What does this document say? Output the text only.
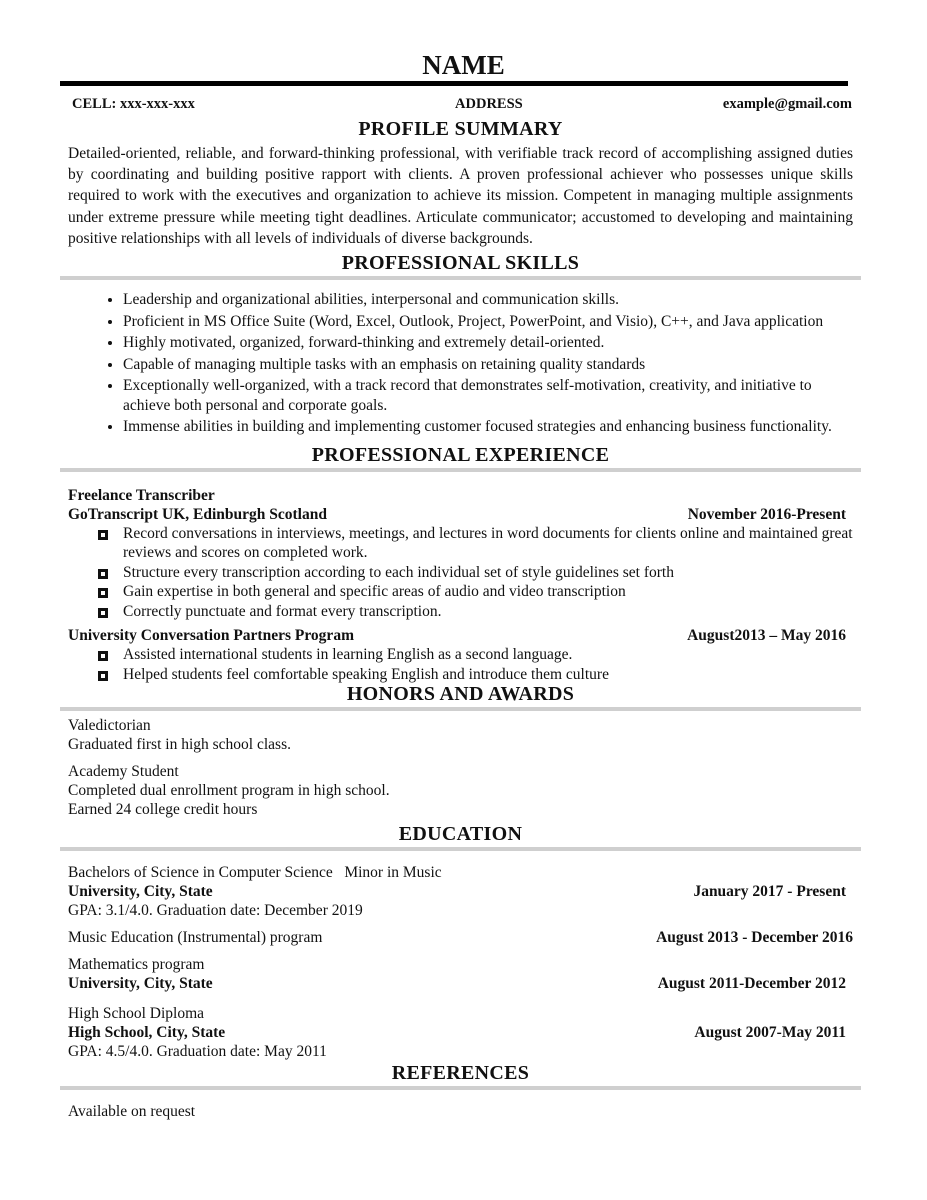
NAME
CELL: xxx-xxx-xxx	ADDRESS	example@gmail.com
PROFILE SUMMARY

Detailed-oriented, reliable, and forward-thinking professional, with verifiable track record of accomplishing assigned duties by coordinating and building positive rapport with clients. A proven professional achiever who possesses unique skills required to work with the executives and organization to achieve its mission. Competent in managing multiple assignments under extreme pressure while meeting tight deadlines. Articulate communicator; accustomed to developing and maintaining positive relationships with all levels of individuals of diverse backgrounds.

PROFESSIONAL SKILLS
• Leadership and organizational abilities, interpersonal and communication skills.
• Proficient in MS Office Suite (Word, Excel, Outlook, Project, PowerPoint, and Visio), C++, and Java application
• Highly motivated, organized, forward-thinking and extremely detail-oriented.
• Capable of managing multiple tasks with an emphasis on retaining quality standards
• Exceptionally well-organized, with a track record that demonstrates self-motivation, creativity, and initiative to achieve both personal and corporate goals.
• Immense abilities in building and implementing customer focused strategies and enhancing business functionality.
PROFESSIONAL EXPERIENCE
Freelance Transcriber
GoTranscript UK, Edinburgh Scotland	November 2016-Present
Record conversations in interviews, meetings, and lectures in word documents for clients online and maintained great reviews and scores on completed work.
Structure every transcription according to each individual set of style guidelines set forth
Gain expertise in both general and specific areas of audio and video transcription
Correctly punctuate and format every transcription.
University Conversation Partners Program	August2013 – May 2016
Assisted international students in learning English as a second language.
Helped students feel comfortable speaking English and introduce them culture
HONORS AND AWARDS
Valedictorian
Graduated first in high school class.
Academy Student
Completed dual enrollment program in high school.
Earned 24 college credit hours
EDUCATION
Bachelors of Science in Computer Science   Minor in Music
University, City, State	January 2017 - Present
GPA: 3.1/4.0. Graduation date: December 2019
Music Education (Instrumental) program	August 2013 - December 2016
Mathematics program
University, City, State	August 2011-December 2012
High School Diploma
High School, City, State	August 2007-May 2011
GPA: 4.5/4.0. Graduation date: May 2011
REFERENCES
Available on request
